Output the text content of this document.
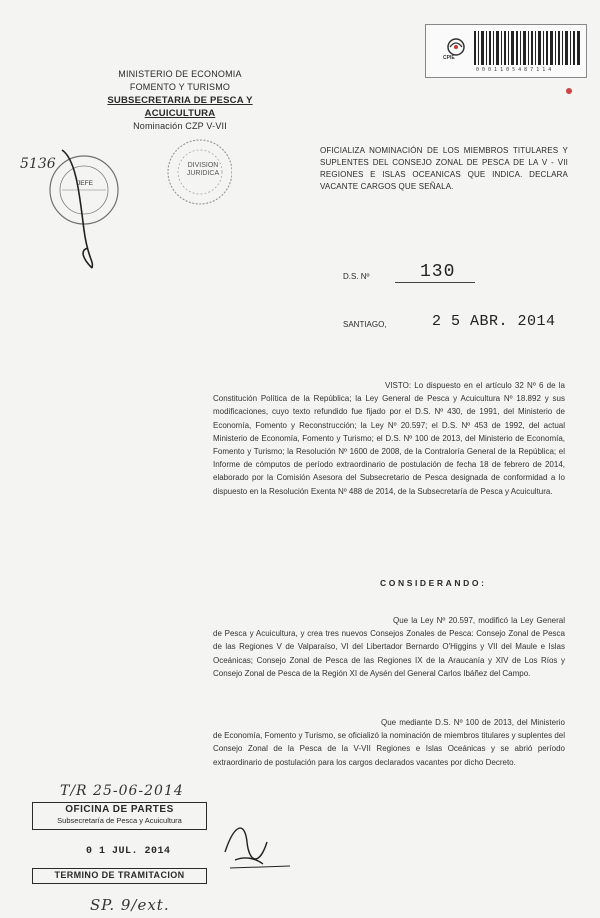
MINISTERIO DE ECONOMIA
FOMENTO Y TURISMO
SUBSECRETARIA DE PESCA Y ACUICULTURA
Nominación CZP V-VII
CPIE
0 0 0 1 1 0 5 4 8 7 1 1 4
JEFE
DIVISION JURIDICA
5136
OFICIALIZA NOMINACIÓN DE LOS MIEMBROS TITULARES Y SUPLENTES DEL CONSEJO ZONAL DE PESCA DE LA V - VII REGIONES E ISLAS OCEANICAS QUE INDICA. DECLARA VACANTE CARGOS QUE SEÑALA.
D.S. Nº	130
SANTIAGO,	2 5 ABR. 2014
VISTO: Lo dispuesto en el artículo 32 Nº 6 de la Constitución Política de la República; la Ley General de Pesca y Acuicultura Nº 18.892 y sus modificaciones, cuyo texto refundido fue fijado por el D.S. Nº 430, de 1991, del Ministerio de Economía, Fomento y Reconstrucción; la Ley Nº 20.597; el D.S. Nº 453 de 1992, del actual Ministerio de Economía, Fomento y Turismo; el D.S. Nº 100 de 2013, del Ministerio de Economía, Fomento y Turismo; la Resolución Nº 1600 de 2008, de la Contraloría General de la República; el Informe de cómputos de período extraordinario de postulación de fecha 18 de febrero de 2014, elaborado por la Comisión Asesora del Subsecretario de Pesca designada de conformidad a lo dispuesto en la Resolución Exenta Nº 488 de 2014, de la Subsecretaría de Pesca y Acuicultura.
CONSIDERANDO:
Que la Ley Nº 20.597, modificó la Ley General de Pesca y Acuicultura, y crea tres nuevos Consejos Zonales de Pesca: Consejo Zonal de Pesca de las Regiones V de Valparaíso, VI del Libertador Bernardo O'Higgins y VII del Maule e Islas Oceánicas; Consejo Zonal de Pesca de las Regiones IX de la Araucanía y XIV de Los Ríos y Consejo Zonal de Pesca de la Región XI de Aysén del General Carlos Ibáñez del Campo.
Que mediante D.S. Nº 100 de 2013, del Ministerio de Economía, Fomento y Turismo, se oficializó la nominación de miembros titulares y suplentes del Consejo Zonal de la Pesca de la V-VII Regiones e Islas Oceánicas y se abrió período extraordinario de postulación para los cargos declarados vacantes por dicho Decreto.
T/R 25-06-2014
OFICINA DE PARTES
Subsecretaría de Pesca y Acuicultura
0 1 JUL. 2014
TERMINO DE TRAMITACION
SP. 9/ext.
